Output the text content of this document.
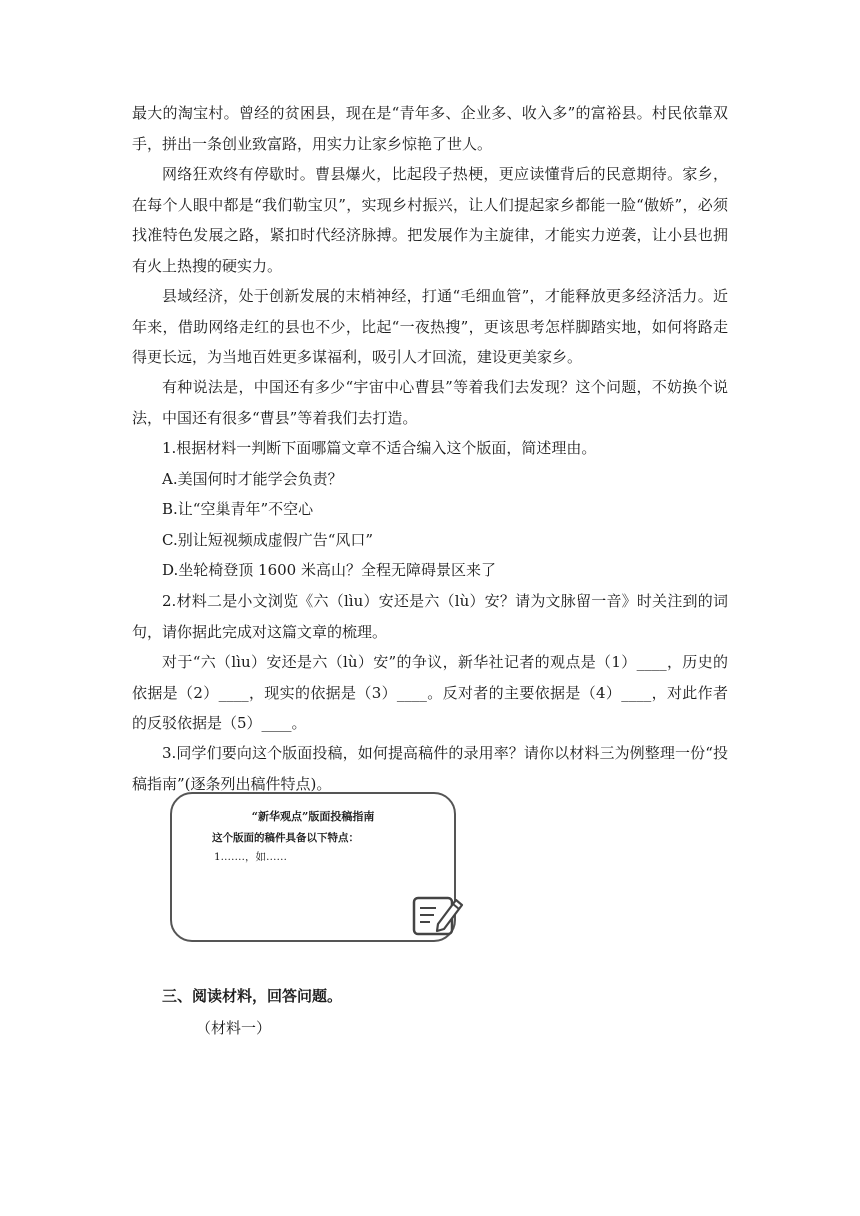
最大的淘宝村。曾经的贫困县，现在是“青年多、企业多、收入多”的富裕县。村民依靠双手，拼出一条创业致富路，用实力让家乡惊艳了世人。

网络狂欢终有停歇时。曹县爆火，比起段子热梗，更应读懂背后的民意期待。家乡，在每个人眼中都是“我们勒宝贝”，实现乡村振兴，让人们提起家乡都能一脸“傲娇”，必须找准特色发展之路，紧扣时代经济脉搏。把发展作为主旋律，才能实力逆袭，让小县也拥有火上热搜的硬实力。

县域经济，处于创新发展的末梢神经，打通“毛细血管”，才能释放更多经济活力。近年来，借助网络走红的县也不少，比起“一夜热搜”，更该思考怎样脚踏实地，如何将路走得更长远，为当地百姓更多谋福利，吸引人才回流，建设更美家乡。

有种说法是，中国还有多少“宇宙中心曹县”等着我们去发现？这个问题，不妨换个说法，中国还有很多“曹县”等着我们去打造。

1.根据材料一判断下面哪篇文章不适合编入这个版面，简述理由。
A.美国何时才能学会负责？
B.让“空巢青年”不空心
C.别让短视频成虚假广告“风口”
D.坐轮椅登顶 1600 米高山？全程无障碍景区来了

2.材料二是小文浏览《六（lìu）安还是六（lù）安？请为文脉留一音》时关注到的词句，请你据此完成对这篇文章的梳理。

对于“六（lìu）安还是六（lù）安”的争议，新华社记者的观点是（1）____，历史的依据是（2）____，现实的依据是（3）____。反对者的主要依据是（4）____，对此作者的反驳依据是（5）____。

3.同学们要向这个版面投稿，如何提高稿件的录用率？请你以材料三为例整理一份“投稿指南”(逐条列出稿件特点)。

“新华观点”版面投稿指南
这个版面的稿件具备以下特点：
1.……，如……
三、阅读材料，回答问题。
（材料一）
